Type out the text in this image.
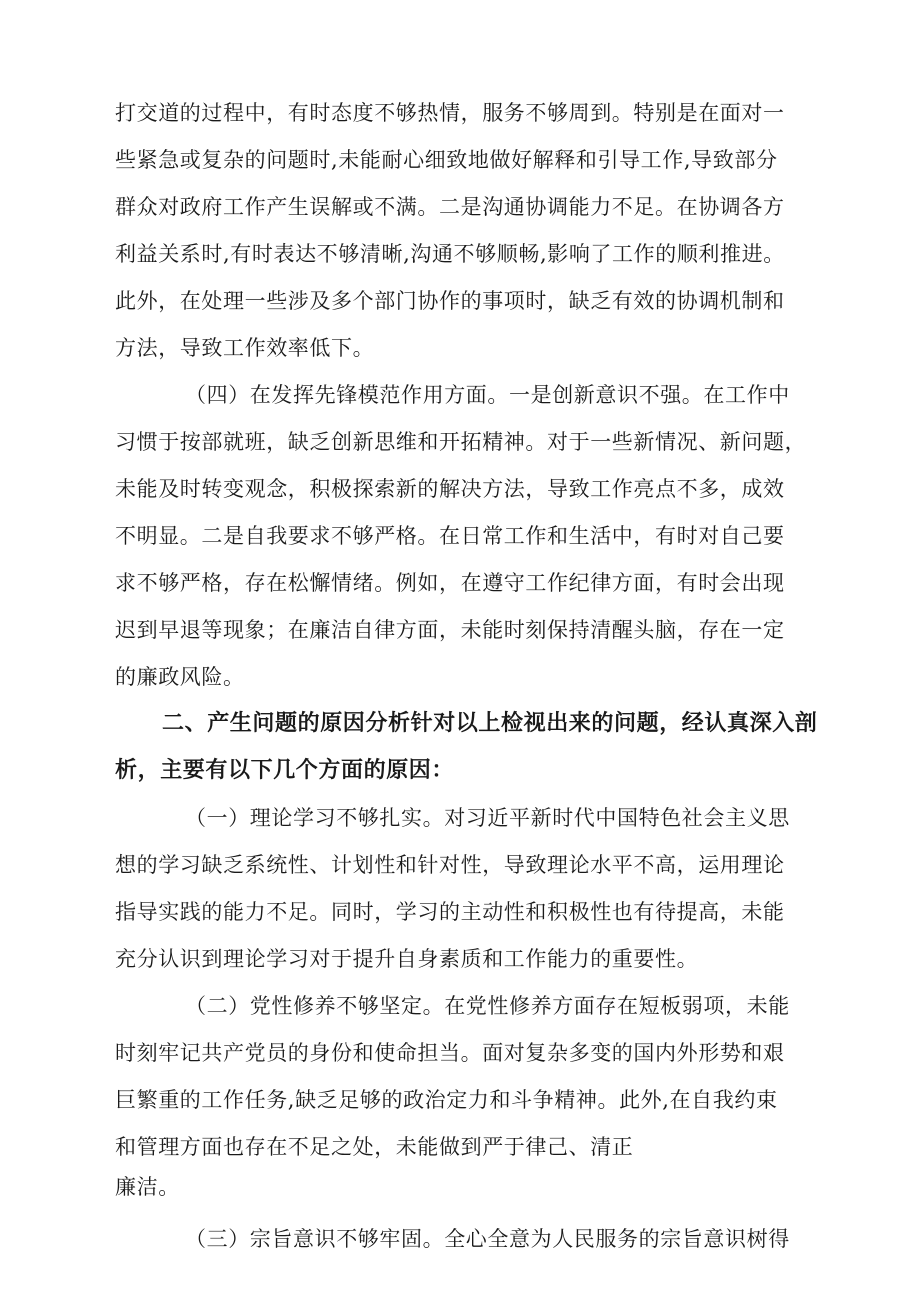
打交道的过程中，有时态度不够热情，服务不够周到。特别是在面对一
些紧急或复杂的问题时,未能耐心细致地做好解释和引导工作,导致部分
群众对政府工作产生误解或不满。二是沟通协调能力不足。在协调各方
利益关系时,有时表达不够清晰,沟通不够顺畅,影响了工作的顺利推进。
此外，在处理一些涉及多个部门协作的事项时，缺乏有效的协调机制和
方法，导致工作效率低下。
（四）在发挥先锋模范作用方面。一是创新意识不强。在工作中
习惯于按部就班，缺乏创新思维和开拓精神。对于一些新情况、新问题，
未能及时转变观念，积极探索新的解决方法，导致工作亮点不多，成效
不明显。二是自我要求不够严格。在日常工作和生活中，有时对自己要
求不够严格，存在松懈情绪。例如，在遵守工作纪律方面，有时会出现
迟到早退等现象；在廉洁自律方面，未能时刻保持清醒头脑，存在一定
的廉政风险。
二、产生问题的原因分析针对以上检视出来的问题，经认真深入剖
析，主要有以下几个方面的原因：
（一）理论学习不够扎实。对习近平新时代中国特色社会主义思
想的学习缺乏系统性、计划性和针对性，导致理论水平不高，运用理论
指导实践的能力不足。同时，学习的主动性和积极性也有待提高，未能
充分认识到理论学习对于提升自身素质和工作能力的重要性。
（二）党性修养不够坚定。在党性修养方面存在短板弱项，未能
时刻牢记共产党员的身份和使命担当。面对复杂多变的国内外形势和艰
巨繁重的工作任务,缺乏足够的政治定力和斗争精神。此外,在自我约束
和管理方面也存在不足之处，未能做到严于律己、清正
廉洁。
（三）宗旨意识不够牢固。全心全意为人民服务的宗旨意识树得
